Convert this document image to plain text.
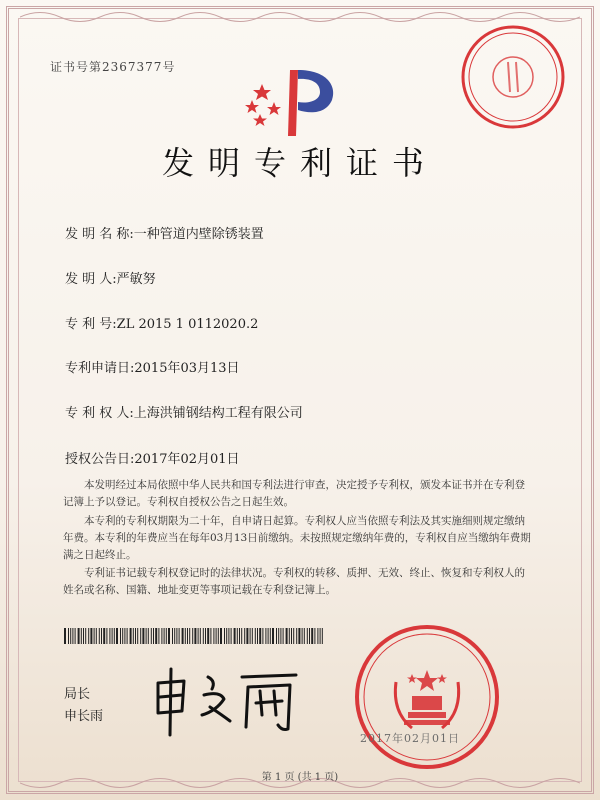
证书号第2367377号
发明专利证书
发 明 名 称:一种管道内壁除锈装置
发 明 人:严敏努
专 利 号:ZL 2015 1 0112020.2
专利申请日:2015年03月13日
专 利 权 人:上海洪铺钢结构工程有限公司
授权公告日:2017年02月01日
本发明经过本局依照中华人民共和国专利法进行审查，决定授予专利权，颁发本证书并在专利登记簿上予以登记。专利权自授权公告之日起生效。
本专利的专利权期限为二十年，自申请日起算。专利权人应当依照专利法及其实施细则规定缴纳年费。本专利的年费应当在每年03月13日前缴纳。未按照规定缴纳年费的，专利权自应当缴纳年费期满之日起终止。
专利证书记载专利权登记时的法律状况。专利权的转移、质押、无效、终止、恢复和专利权人的姓名或名称、国籍、地址变更等事项记载在专利登记簿上。
局长
申长雨
2017年02月01日
第 1 页 (共 1 页)
